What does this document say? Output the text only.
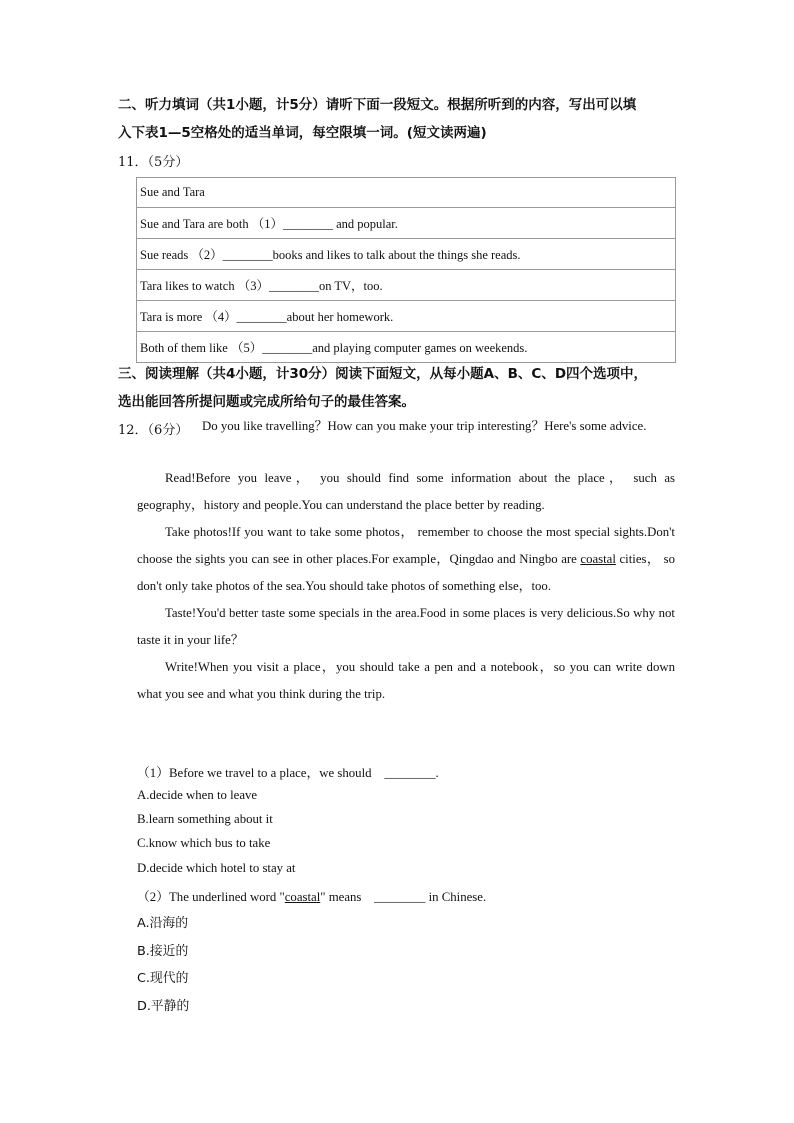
二、听力填词（共1小题，计5分）请听下面一段短文。根据所听到的内容，写出可以填
入下表1—5空格处的适当单词，每空限填一词。(短文读两遍)
11．（5分）
Sue and Tara
Sue and Tara are both （1）________ and popular.
Sue reads （2）________books and likes to talk about the things she reads.
Tara likes to watch （3）________on TV，too.
Tara is more （4）________about her homework.
Both of them like （5）________and playing computer games on weekends.
三、阅读理解（共4小题，计30分）阅读下面短文，从每小题A、B、C、D四个选项中，
选出能回答所提问题或完成所给句子的最佳答案。
12．（6分） Do you like travelling？How can you make your trip interesting？Here's some advice.

Read!Before you leave， you should find some information about the place， such as geography，history and people.You can understand the place better by reading.

Take photos!If you want to take some photos， remember to choose the most special sights.Don't choose the sights you can see in other places.For example，Qingdao and Ningbo are coastal cities， so don't only take photos of the sea.You should take photos of something else，too.

Taste!You'd better taste some specials in the area.Food in some places is very delicious.So why not taste it in your life？

Write!When you visit a place，you should take a pen and a notebook，so you can write down what you see and what you think during the trip.

（1）Before we travel to a place，we should　________.
A.decide when to leave
B.learn something about it
C.know which bus to take
D.decide which hotel to stay at
（2）The underlined word "coastal" means　________ in Chinese.
A.沿海的
B.接近的
C.现代的
D.平静的
